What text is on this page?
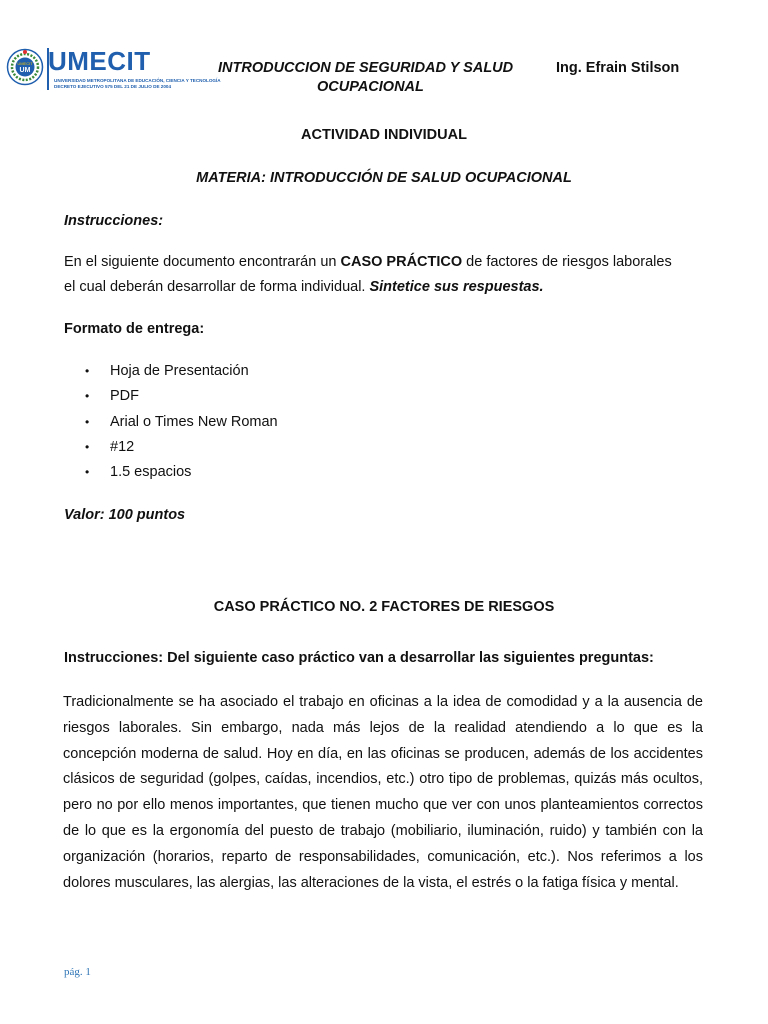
UMECIT
UM UMECIT
UNIVERSIDAD METROPOLITANA DE EDUCACIÓN, CIENCIA Y TECNOLOGÍA
DECRETO EJECUTIVO 575 DEL 21 DE JULIO DE 2004
INTRODUCCION DE SEGURIDAD Y SALUD
OCUPACIONAL
Ing. Efrain Stilson
ACTIVIDAD INDIVIDUAL
MATERIA: INTRODUCCIÓN DE SALUD OCUPACIONAL
Instrucciones:
En el siguiente documento encontrarán un CASO PRÁCTICO de factores de riesgos laborales
el cual deberán desarrollar de forma individual. Sintetice sus respuestas.
Formato de entrega:
• Hoja de Presentación
• PDF
• Arial o Times New Roman
• #12
• 1.5 espacios
Valor: 100 puntos
CASO PRÁCTICO NO. 2 FACTORES DE RIESGOS
Instrucciones: Del siguiente caso práctico van a desarrollar las siguientes preguntas:
Tradicionalmente se ha asociado el trabajo en oficinas a la idea de comodidad y a la ausencia de riesgos laborales. Sin embargo, nada más lejos de la realidad atendiendo a lo que es la concepción moderna de salud. Hoy en día, en las oficinas se producen, además de los accidentes clásicos de seguridad (golpes, caídas, incendios, etc.) otro tipo de problemas, quizás más ocultos, pero no por ello menos importantes, que tienen mucho que ver con unos planteamientos correctos de lo que es la ergonomía del puesto de trabajo (mobiliario, iluminación, ruido) y también con la organización (horarios, reparto de responsabilidades, comunicación, etc.). Nos referimos a los dolores musculares, las alergias, las alteraciones de la vista, el estrés o la fatiga física y mental.
pág. 1
